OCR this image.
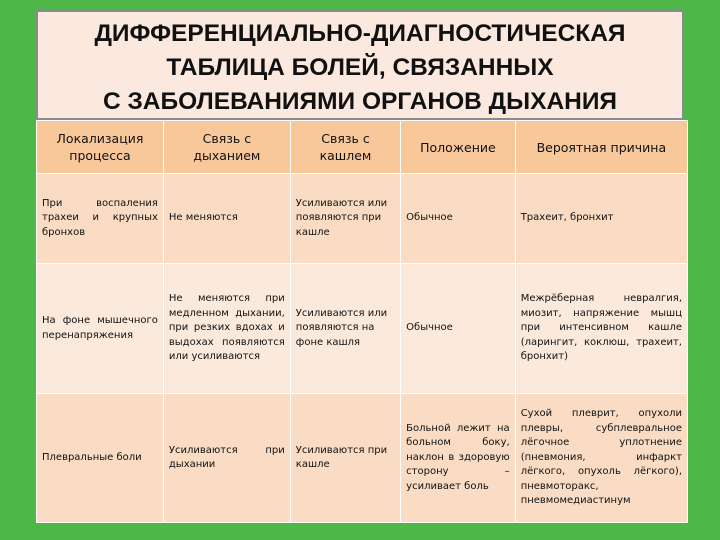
ДИФФЕРЕНЦИАЛЬНО-ДИАГНОСТИЧЕСКАЯ
ТАБЛИЦА БОЛЕЙ, СВЯЗАННЫХ
С ЗАБОЛЕВАНИЯМИ ОРГАНОВ ДЫХАНИЯ
Локализация процесса	Связь с дыханием	Связь с кашлем	Положение	Вероятная причина
При воспаления трахеи и крупных бронхов	Не меняются	Усиливаются или появляются при кашле	Обычное	Трахеит, бронхит
На фоне мышечного перенапряжения	Не меняются при медленном дыхании, при резких вдохах и выдохах появляются или усиливаются	Усиливаются или появляются на фоне кашля	Обычное	Межрёберная невралгия, миозит, напряжение мышц при интенсивном кашле (ларингит, коклюш, трахеит, бронхит)
Плевральные боли	Усиливаются при дыхании	Усиливаются при кашле	Больной лежит на больном боку, наклон в здоровую сторону – усиливает боль	Сухой плеврит, опухоли плевры, субплевральное лёгочное уплотнение (пневмония, инфаркт лёгкого, опухоль лёгкого), пневмоторакс, пневмомедиастинум
